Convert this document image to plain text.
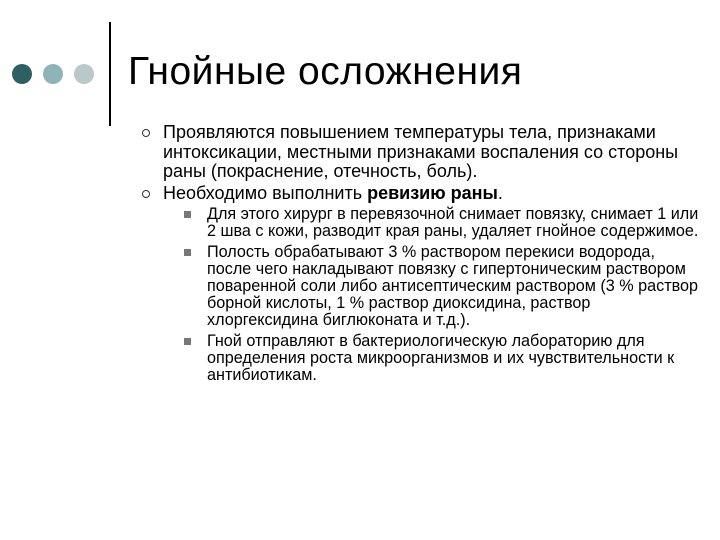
Гнойные осложнения
Проявляются повышением температуры тела, признаками интоксикации, местными признаками воспаления со стороны раны (покраснение, отечность, боль).
Необходимо выполнить ревизию раны.
Для этого хирург в перевязочной снимает повязку, снимает 1 или 2 шва с кожи, разводит края раны, удаляет гнойное содержимое.
Полость обрабатывают 3 % раствором перекиси водорода, после чего накладывают повязку с гипертоническим раствором поваренной соли либо антисептическим раствором (3 % раствор борной кислоты, 1 % раствор диоксидина, раствор хлоргексидина биглюконата и т.д.).
Гной отправляют в бактериологическую лабораторию для определения роста микроорганизмов и их чувствительности к антибиотикам.
